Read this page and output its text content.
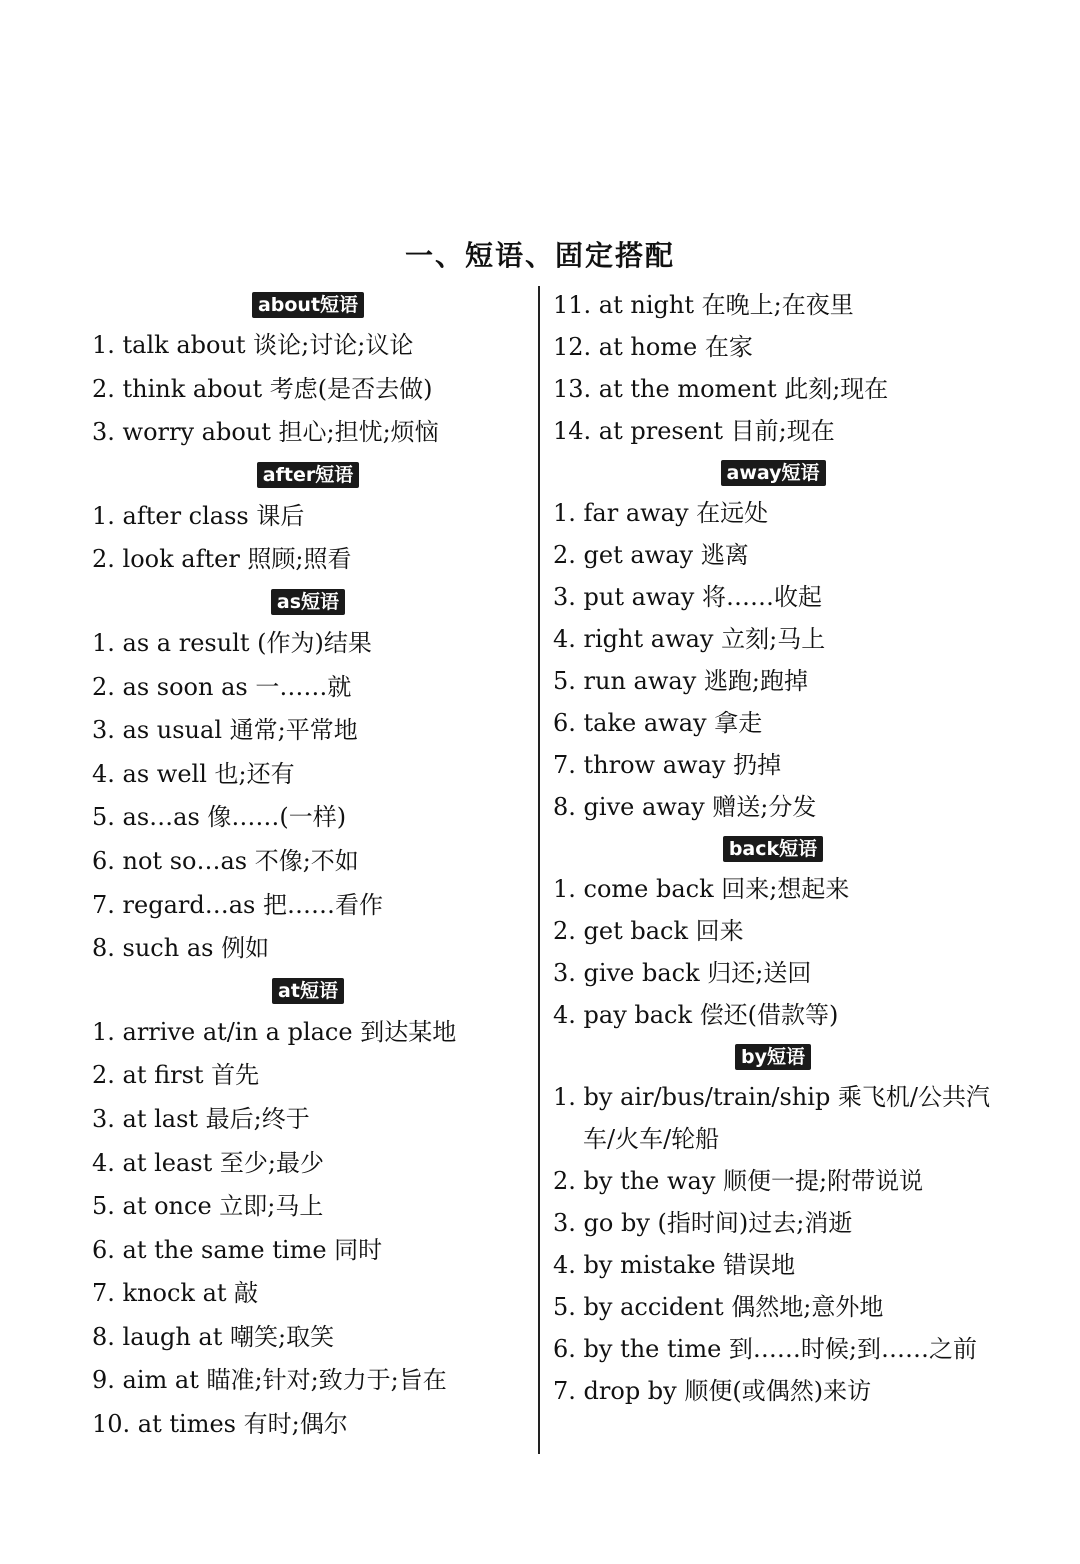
一、短语、固定搭配
about短语
1. talk about 谈论;讨论;议论
2. think about 考虑(是否去做)
3. worry about 担心;担忧;烦恼
after短语
1. after class 课后
2. look after 照顾;照看
as短语
1. as a result (作为)结果
2. as soon as 一……就
3. as usual 通常;平常地
4. as well 也;还有
5. as…as 像……(一样)
6. not so…as 不像;不如
7. regard…as 把……看作
8. such as 例如
at短语
1. arrive at/in a place 到达某地
2. at first 首先
3. at last 最后;终于
4. at least 至少;最少
5. at once 立即;马上
6. at the same time 同时
7. knock at 敲
8. laugh at 嘲笑;取笑
9. aim at 瞄准;针对;致力于;旨在
10. at times 有时;偶尔
11. at night 在晚上;在夜里
12. at home 在家
13. at the moment 此刻;现在
14. at present 目前;现在
away短语
1. far away 在远处
2. get away 逃离
3. put away 将……收起
4. right away 立刻;马上
5. run away 逃跑;跑掉
6. take away 拿走
7. throw away 扔掉
8. give away 赠送;分发
back短语
1. come back 回来;想起来
2. get back 回来
3. give back 归还;送回
4. pay back 偿还(借款等)
by短语
1. by air/bus/train/ship 乘飞机/公共汽车/火车/轮船
2. by the way 顺便一提;附带说说
3. go by (指时间)过去;消逝
4. by mistake 错误地
5. by accident 偶然地;意外地
6. by the time 到……时候;到……之前
7. drop by 顺便(或偶然)来访
